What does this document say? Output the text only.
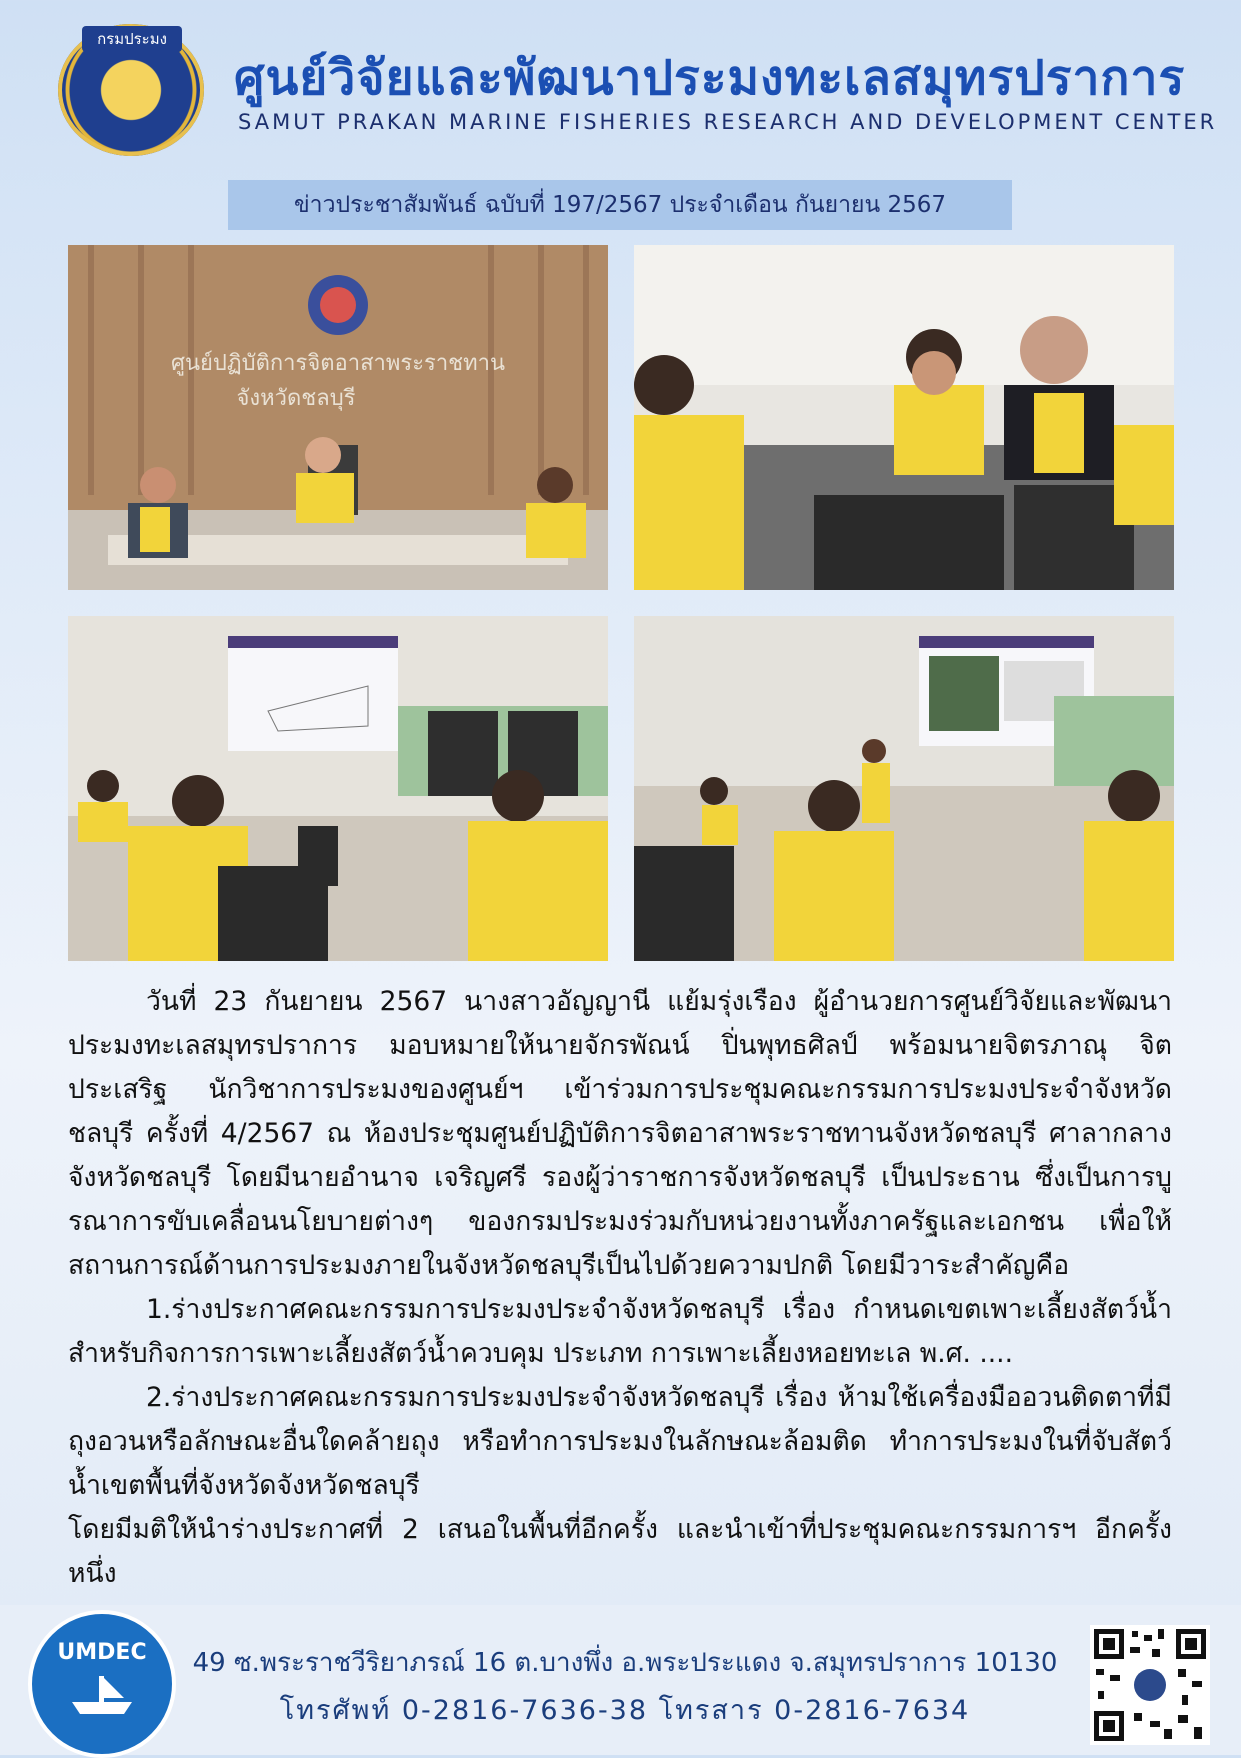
กรมประมง
ศูนย์วิจัยและพัฒนาประมงทะเลสมุทรปราการ
SAMUT PRAKAN MARINE FISHERIES RESEARCH AND DEVELOPMENT CENTER
ข่าวประชาสัมพันธ์ ฉบับที่ 197/2567 ประจำเดือน กันยายน 2567
ศูนย์ปฏิบัติการจิตอาสาพระราชทาน
จังหวัดชลบุรี

วันที่ 23 กันยายน 2567 นางสาวอัญญานี แย้มรุ่งเรือง ผู้อำนวยการศูนย์วิจัยและพัฒนาประมงทะเลสมุทรปราการ มอบหมายให้นายจักรพัณน์ ปิ่นพุทธศิลป์ พร้อมนายจิตรภาณุ จิตประเสริฐ นักวิชาการประมงของศูนย์ฯ เข้าร่วมการประชุมคณะกรรมการประมงประจำจังหวัดชลบุรี ครั้งที่ 4/2567 ณ ห้องประชุมศูนย์ปฏิบัติการจิตอาสาพระราชทานจังหวัดชลบุรี ศาลากลางจังหวัดชลบุรี โดยมีนายอำนาจ เจริญศรี รองผู้ว่าราชการจังหวัดชลบุรี เป็นประธาน ซึ่งเป็นการบูรณาการขับเคลื่อนนโยบายต่างๆ ของกรมประมงร่วมกับหน่วยงานทั้งภาครัฐและเอกชน เพื่อให้สถานการณ์ด้านการประมงภายในจังหวัดชลบุรีเป็นไปด้วยความปกติ โดยมีวาระสำคัญคือ

1.ร่างประกาศคณะกรรมการประมงประจำจังหวัดชลบุรี เรื่อง กำหนดเขตเพาะเลี้ยงสัตว์น้ำสำหรับกิจการการเพาะเลี้ยงสัตว์น้ำควบคุม ประเภท การเพาะเลี้ยงหอยทะเล พ.ศ. ....

2.ร่างประกาศคณะกรรมการประมงประจำจังหวัดชลบุรี เรื่อง ห้ามใช้เครื่องมืออวนติดตาที่มีถุงอวนหรือลักษณะอื่นใดคล้ายถุง หรือทำการประมงในลักษณะล้อมติด ทำการประมงในที่จับสัตว์น้ำเขตพื้นที่จังหวัดจังหวัดชลบุรี

โดยมีมติให้นำร่างประกาศที่ 2 เสนอในพื้นที่อีกครั้ง และนำเข้าที่ประชุมคณะกรรมการฯ อีกครั้งหนึ่ง

UMDEC	49 ซ.พระราชวีริยาภรณ์ 16 ต.บางพึ่ง อ.พระประแดง จ.สมุทรปราการ 10130
โทรศัพท์ 0-2816-7636-38 โทรสาร 0-2816-7634
